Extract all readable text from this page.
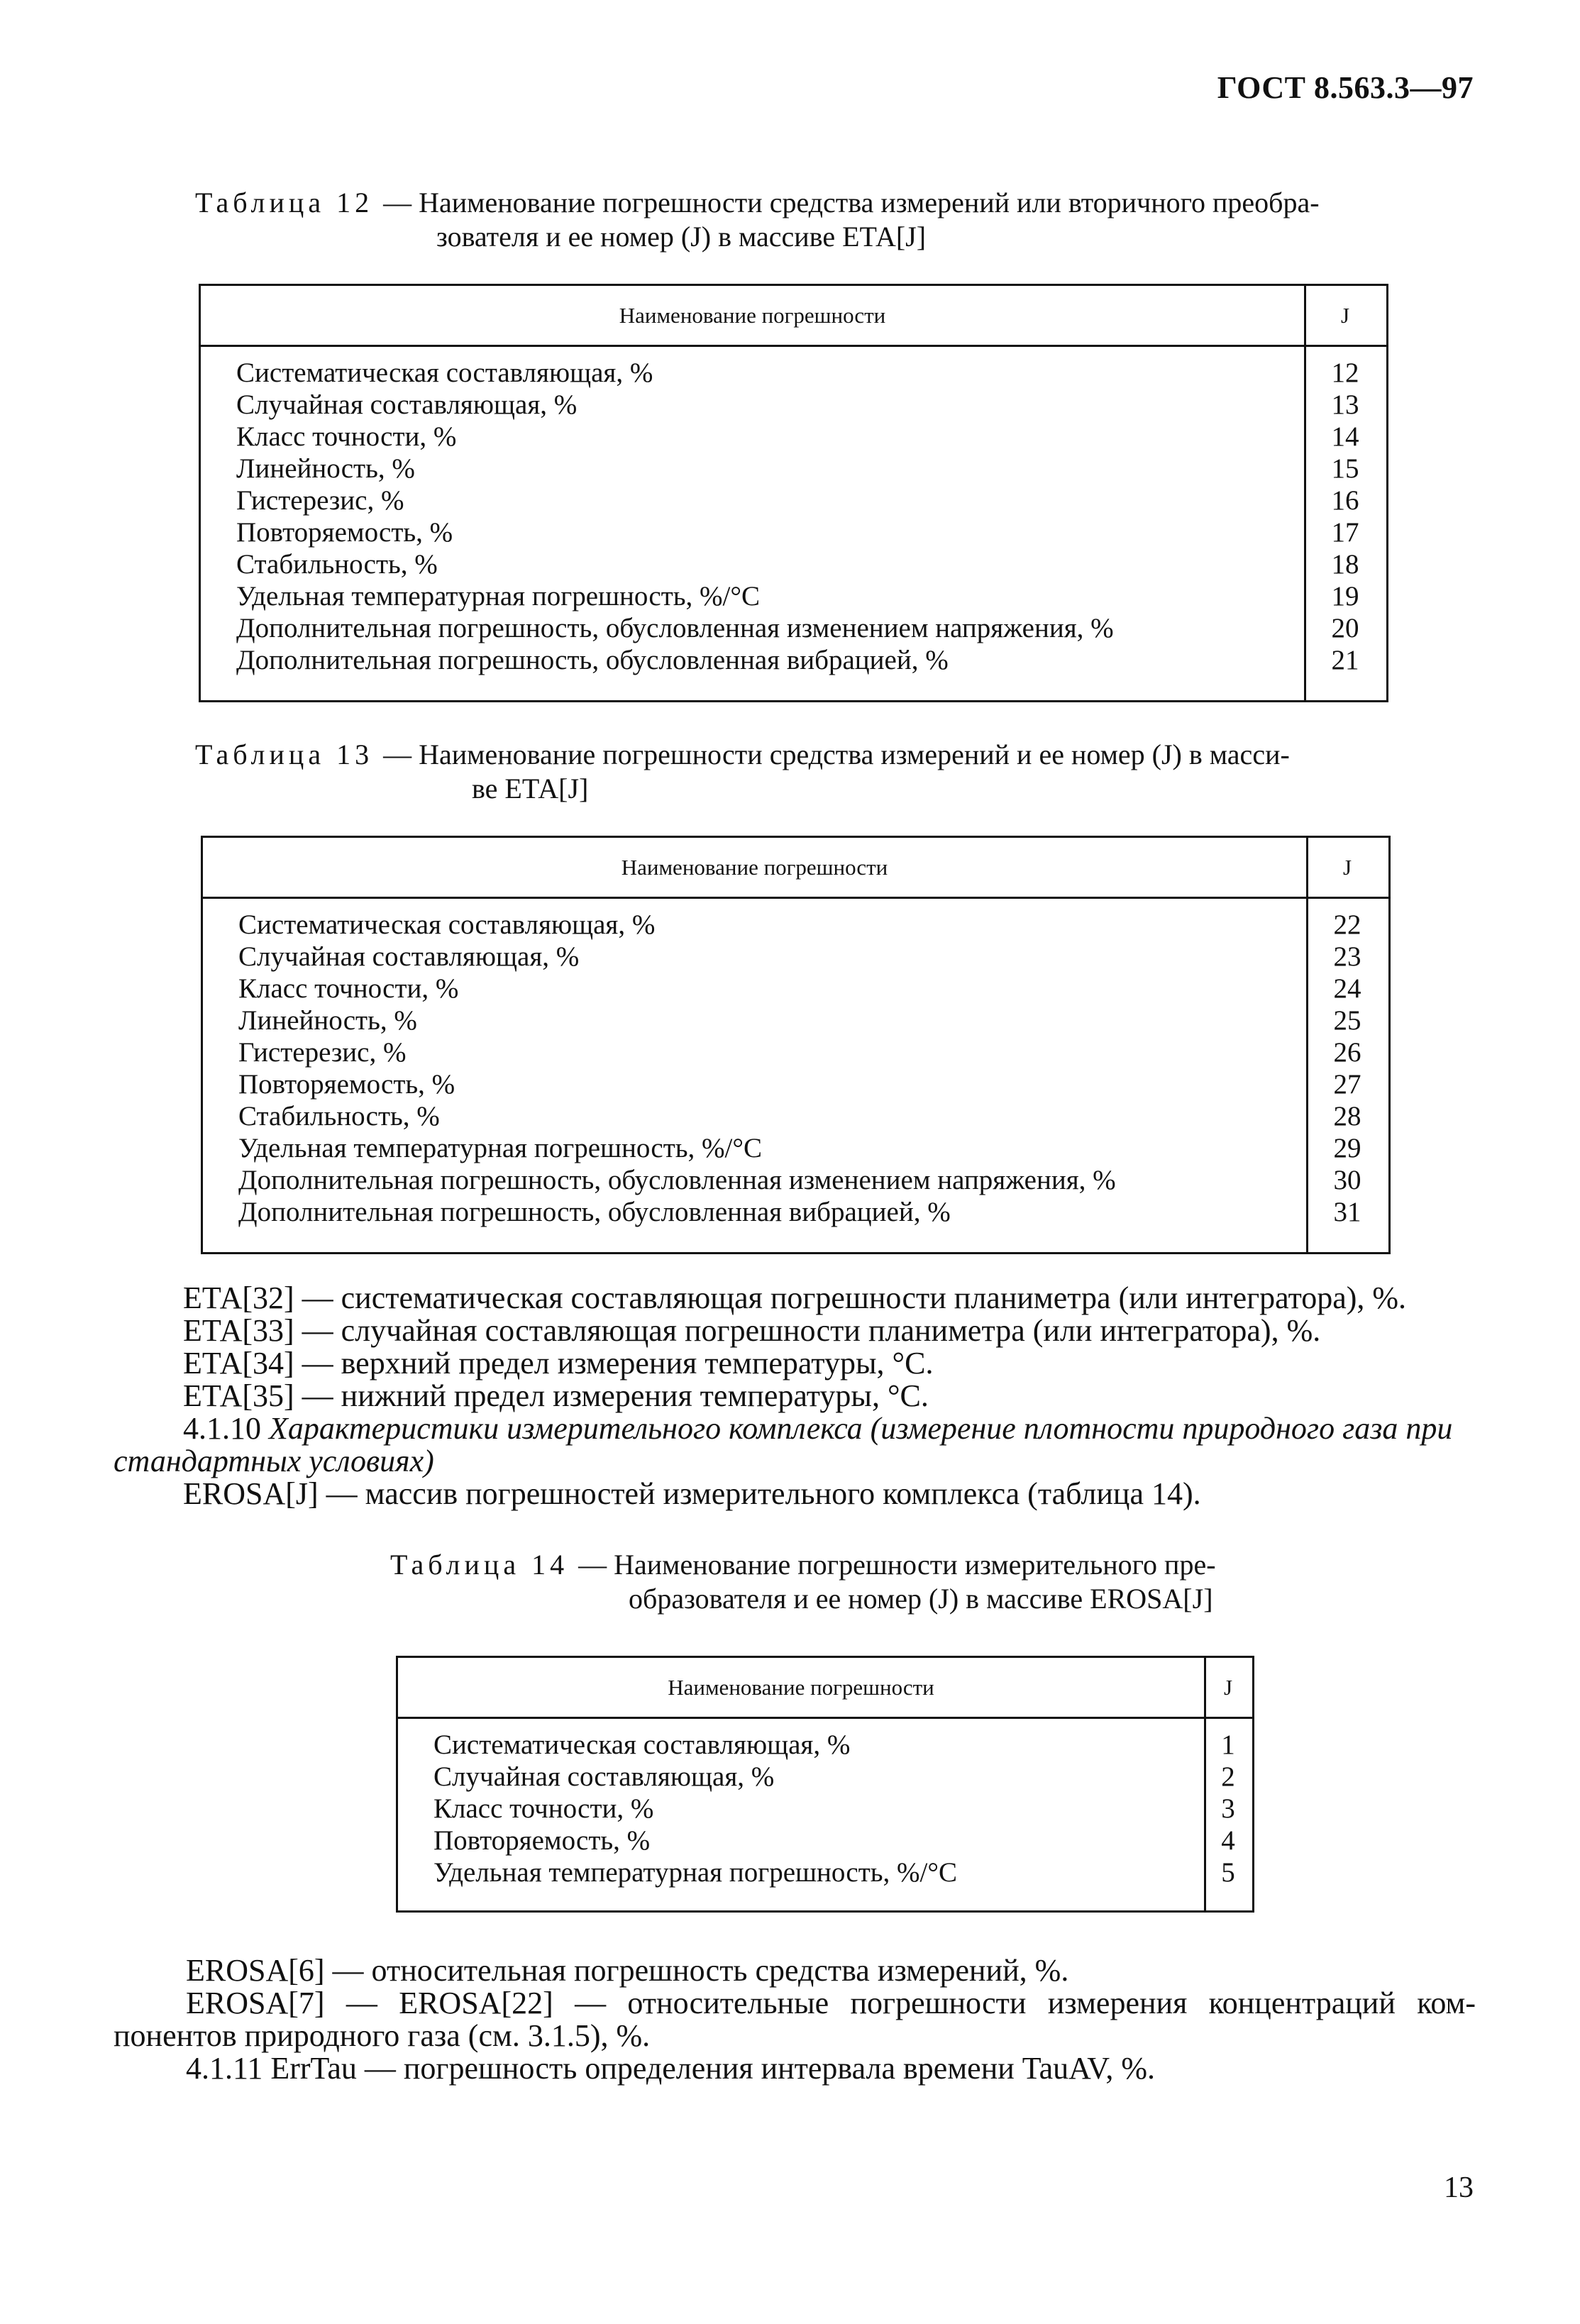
ГОСТ 8.563.3—97
Таблица 12 — Наименование погрешности средства измерений или вторичного преобра-
зователя и ее номер (J) в массиве ЕТА[J]
Наименование погрешности	J
Систематическая составляющая, %	12
Случайная составляющая, %	13
Класс точности, %	14
Линейность, %	15
Гистерезис, %	16
Повторяемость, %	17
Стабильность, %	18
Удельная температурная погрешность, %/°С	19
Дополнительная погрешность, обусловленная изменением напряжения, %	20
Дополнительная погрешность, обусловленная вибрацией, %	21
Таблица 13 — Наименование погрешности средства измерений и ее номер (J) в масси-
ве ЕТА[J]
Наименование погрешности	J
Систематическая составляющая, %	22
Случайная составляющая, %	23
Класс точности, %	24
Линейность, %	25
Гистерезис, %	26
Повторяемость, %	27
Стабильность, %	28
Удельная температурная погрешность, %/°С	29
Дополнительная погрешность, обусловленная изменением напряжения, %	30
Дополнительная погрешность, обусловленная вибрацией, %	31
ЕТА[32] — систематическая составляющая погрешности планиметра (или интегратора), %.
ЕТА[33] — случайная составляющая погрешности планиметра (или интегратора), %.
ЕТА[34] — верхний предел измерения температуры, °С.
ЕТА[35] — нижний предел измерения температуры, °С.
4.1.10 Характеристики измерительного комплекса (измерение плотности природного газа при
стандартных условиях)
EROSA[J] — массив погрешностей измерительного комплекса (таблица 14).
Таблица 14 — Наименование погрешности измерительного пре-
образователя и ее номер (J) в массиве EROSA[J]
Наименование погрешности	J
Систематическая составляющая, %	1
Случайная составляющая, %	2
Класс точности, %	3
Повторяемость, %	4
Удельная температурная погрешность, %/°С	5
EROSA[6] — относительная погрешность средства измерений, %.
EROSA[7] — EROSA[22] — относительные погрешности измерения концентраций ком-
понентов природного газа (см. 3.1.5), %.
4.1.11 ErrTau — погрешность определения интервала времени TauAV, %.
13
